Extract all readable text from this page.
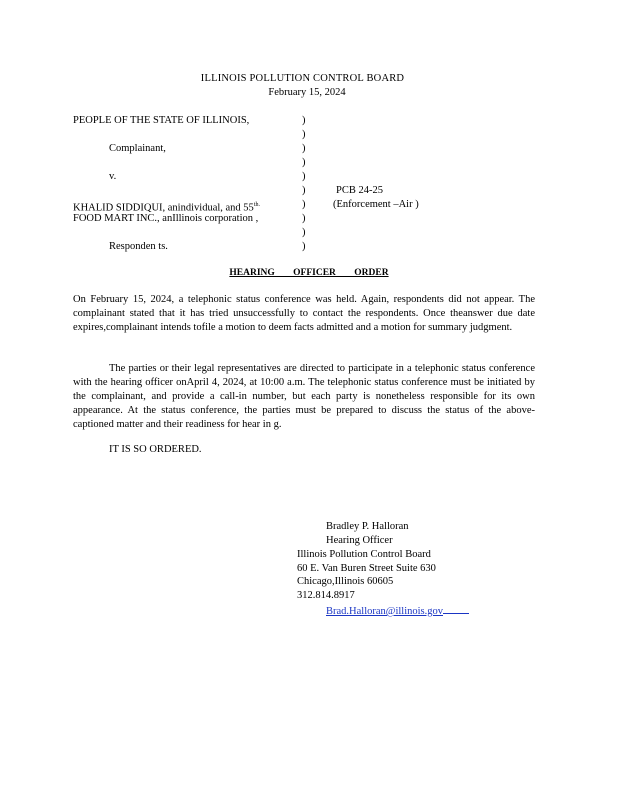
ILLINOIS POLLUTION CONTROL BOARD
February 15, 2024
PEOPLE OF THE STATE OF ILLINOIS,
Complainant,
v.
KHALID SIDDIQUI, anindividual, and $55^{th.}$
FOOD MART INC., anIllinois corporation ,
Responden ts.
)
)
)
)
)
)
)
)
)
)
PCB 24-25
(Enforcement –Air )
HEARING OFFICER ORDER
On February 15, 2024, a telephonic status conference was held. Again, respondents did not appear. The complainant stated that it has tried unsuccessfully to contact the respondents. Once theanswer due date expires,complainant intends tofile a motion to deem facts admitted and a motion for summary judgment.
The parties or their legal representatives are directed to participate in a telephonic status conference with the hearing officer onApril 4, 2024, at 10:00 a.m. The telephonic status conference must be initiated by the complainant, and provide a call-in number, but each party is nonetheless responsible for its own appearance. At the status conference, the parties must be prepared to discuss the status of the above- captioned matter and their readiness for hear in g.
IT IS SO ORDERED.
Bradley P. Halloran
Hearing Officer
Illinois Pollution Control Board
60 E. Van Buren Street Suite 630
Chicago,Illinois 60605
312.814.8917
Brad.Halloran@illinois.gov
